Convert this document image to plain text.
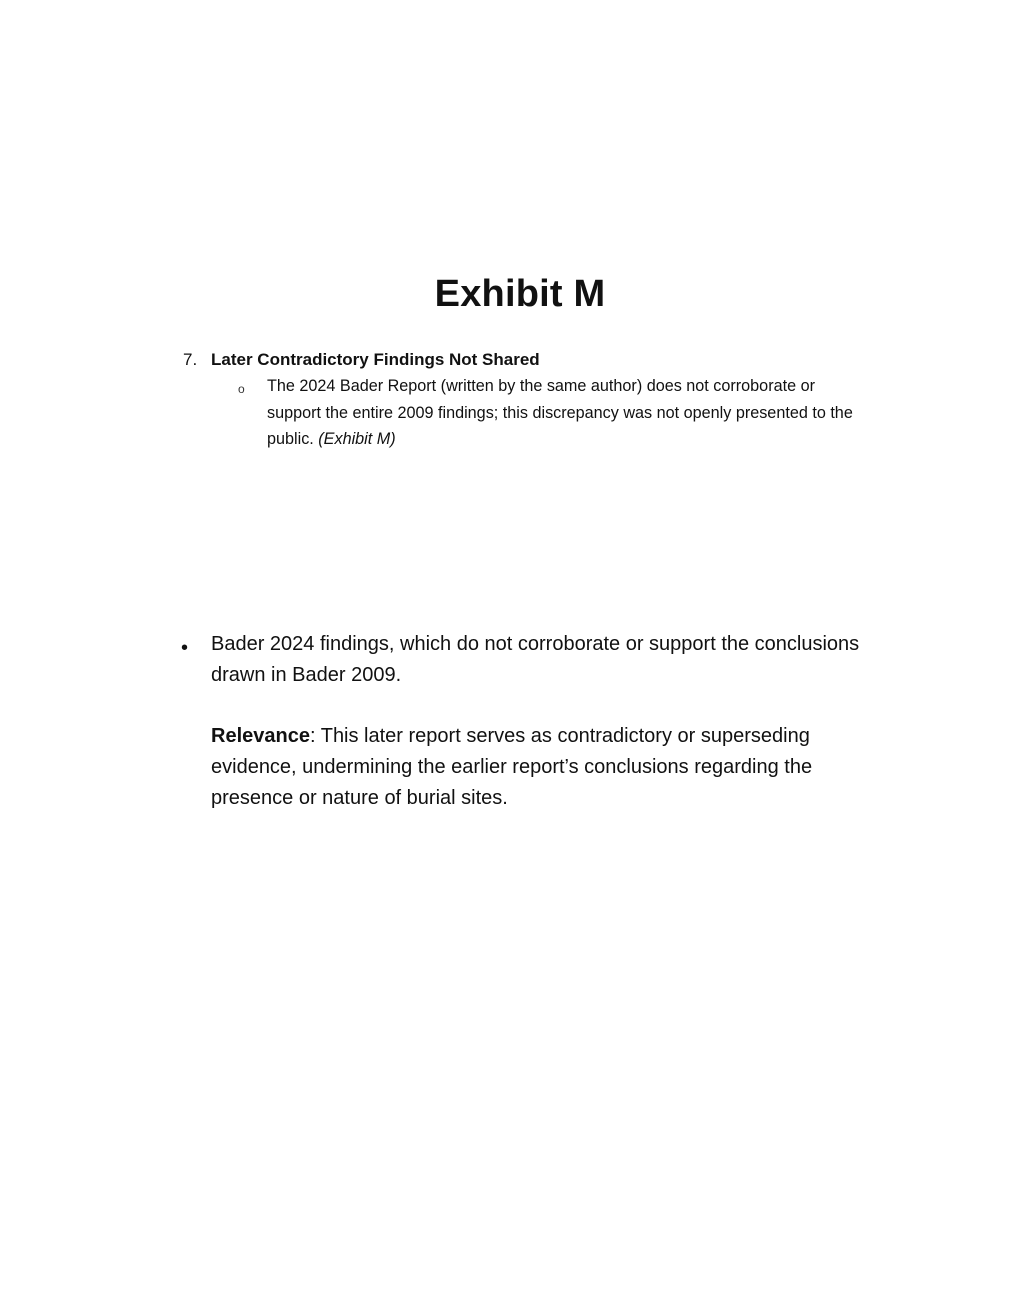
Exhibit M
7. Later Contradictory Findings Not Shared
o The 2024 Bader Report (written by the same author) does not corroborate or support the entire 2009 findings; this discrepancy was not openly presented to the public. (Exhibit M)

• Bader 2024 findings, which do not corroborate or support the conclusions drawn in Bader 2009.

Relevance: This later report serves as contradictory or superseding evidence, undermining the earlier report’s conclusions regarding the presence or nature of burial sites.
